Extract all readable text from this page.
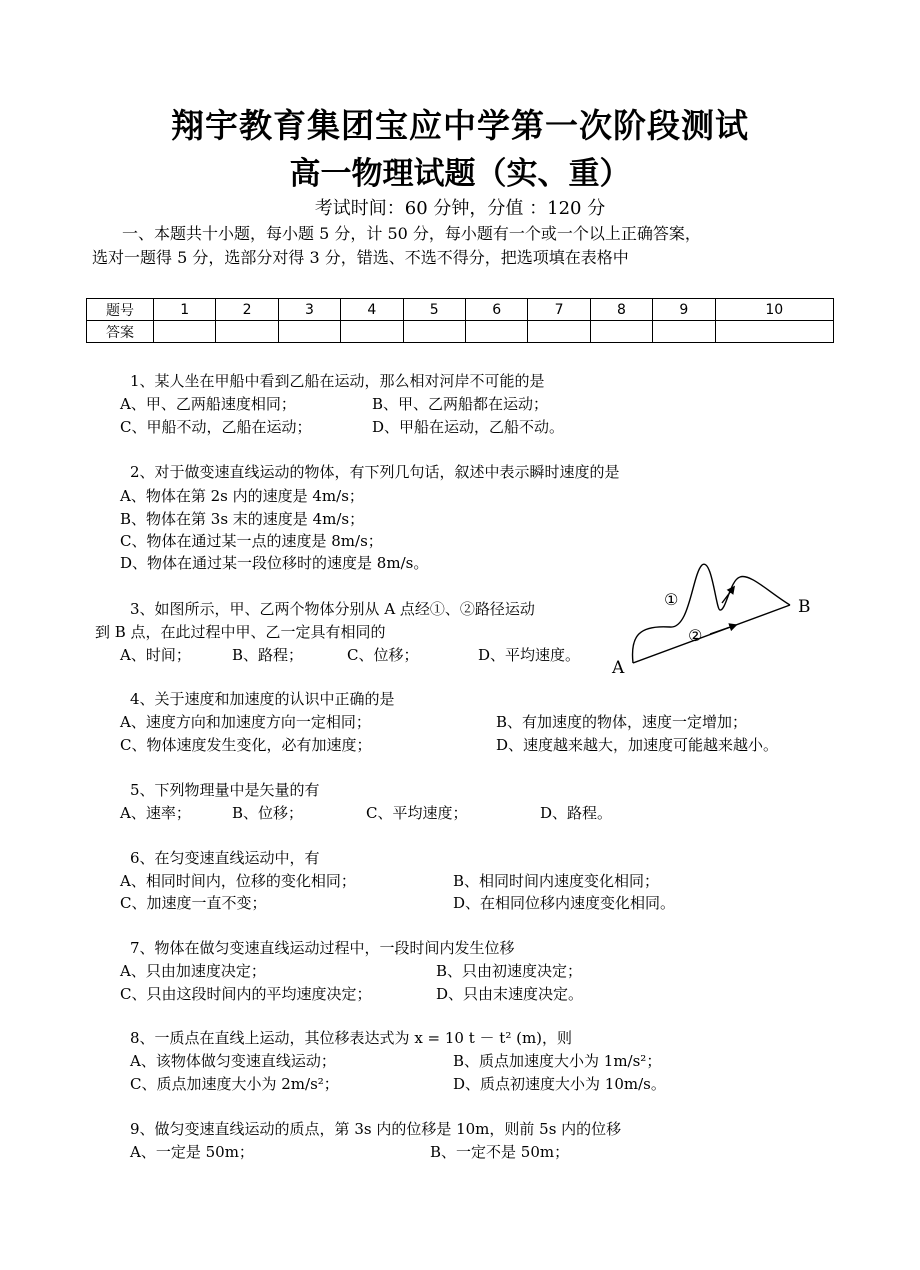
翔宇教育集团宝应中学第一次阶段测试
高一物理试题（实、重）
考试时间：60 分钟，分值 ：120 分
一、本题共十小题，每小题 5 分，计 50 分，每小题有一个或一个以上正确答案，
选对一题得 5 分，选部分对得 3 分，错选、不选不得分，把选项填在表格中
题号	1	2	3	4	5	6	7	8	9	10
答案										
1、某人坐在甲船中看到乙船在运动，那么相对河岸不可能的是
A、甲、乙两船速度相同；	B、甲、乙两船都在运动；
C、甲船不动，乙船在运动；	D、甲船在运动，乙船不动。
2、对于做变速直线运动的物体，有下列几句话，叙述中表示瞬时速度的是
A、物体在第 2s 内的速度是 4m/s；
B、物体在第 3s 末的速度是 4m/s；
C、物体在通过某一点的速度是 8m/s；
D、物体在通过某一段位移时的速度是 8m/s。
3、如图所示，甲、乙两个物体分别从 A 点经①、②路径运动
到 B 点，在此过程中甲、乙一定具有相同的
A、时间；	B、路程；	C、位移；	D、平均速度。
A
B
①
②
4、关于速度和加速度的认识中正确的是
A、速度方向和加速度方向一定相同；	B、有加速度的物体，速度一定增加；
C、物体速度发生变化，必有加速度；	D、速度越来越大，加速度可能越来越小。
5、下列物理量中是矢量的有
A、速率；	B、位移；	C、平均速度；	D、路程。
6、在匀变速直线运动中，有
A、相同时间内，位移的变化相同；	B、相同时间内速度变化相同；
C、加速度一直不变；	D、在相同位移内速度变化相同。
7、物体在做匀变速直线运动过程中，一段时间内发生位移
A、只由加速度决定；	B、只由初速度决定；
C、只由这段时间内的平均速度决定；	D、只由末速度决定。
8、一质点在直线上运动，其位移表达式为 x = 10 t － t² (m)，则
A、该物体做匀变速直线运动；	B、质点加速度大小为 1m/s²；
C、质点加速度大小为 2m/s²；	D、质点初速度大小为 10m/s。
9、做匀变速直线运动的质点，第 3s 内的位移是 10m，则前 5s 内的位移
A、一定是 50m；	B、一定不是 50m；
